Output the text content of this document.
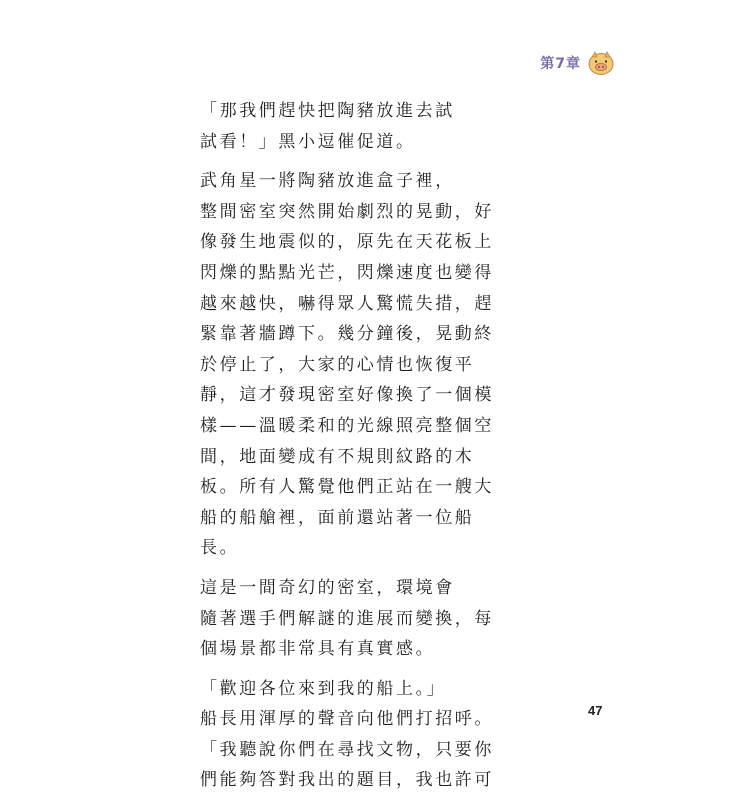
第7章
「那我們趕快把陶豬放進去試
試看！」黑小逗催促道。
武角星一將陶豬放進盒子裡，
整間密室突然開始劇烈的晃動，好
像發生地震似的，原先在天花板上
閃爍的點點光芒，閃爍速度也變得
越來越快，嚇得眾人驚慌失措，趕
緊靠著牆蹲下。幾分鐘後，晃動終
於停止了，大家的心情也恢復平
靜，這才發現密室好像換了一個模
樣——溫暖柔和的光線照亮整個空
間，地面變成有不規則紋路的木
板。所有人驚覺他們正站在一艘大
船的船艙裡，面前還站著一位船
長。
這是一間奇幻的密室，環境會
隨著選手們解謎的進展而變換，每
個場景都非常具有真實感。
「歡迎各位來到我的船上。」
船長用渾厚的聲音向他們打招呼。
「我聽說你們在尋找文物，只要你
們能夠答對我出的題目，我也許可
47
